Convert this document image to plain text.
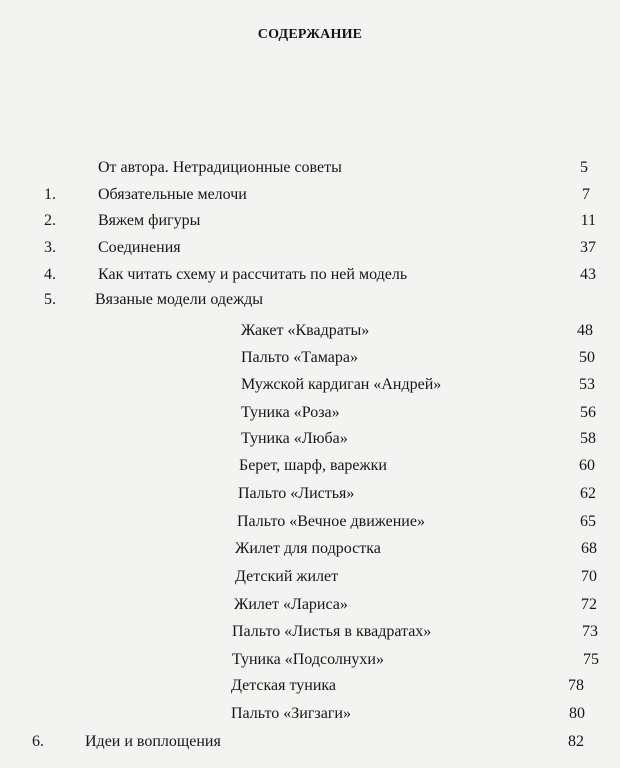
СОДЕРЖАНИЕ
От автора. Нетрадиционные советы	5
1.	Обязательные мелочи	7
2.	Вяжем фигуры	11
3.	Соединения	37
4.	Как читать схему и рассчитать по ней модель	43
5. Вязаные модели одежды
Жакет «Квадраты»	48
Пальто «Тамара»	50
Мужской кардиган «Андрей»	53
Туника «Роза»	56
Туника «Люба»	58
Берет, шарф, варежки	60
Пальто «Листья»	62
Пальто «Вечное движение»	65
Жилет для подростка	68
Детский жилет	70
Жилет «Лариса»	72
Пальто «Листья в квадратах»	73
Туника «Подсолнухи»	75
Детская туника	78
Пальто «Зигзаги»	80
6.	Идеи и воплощения	82
